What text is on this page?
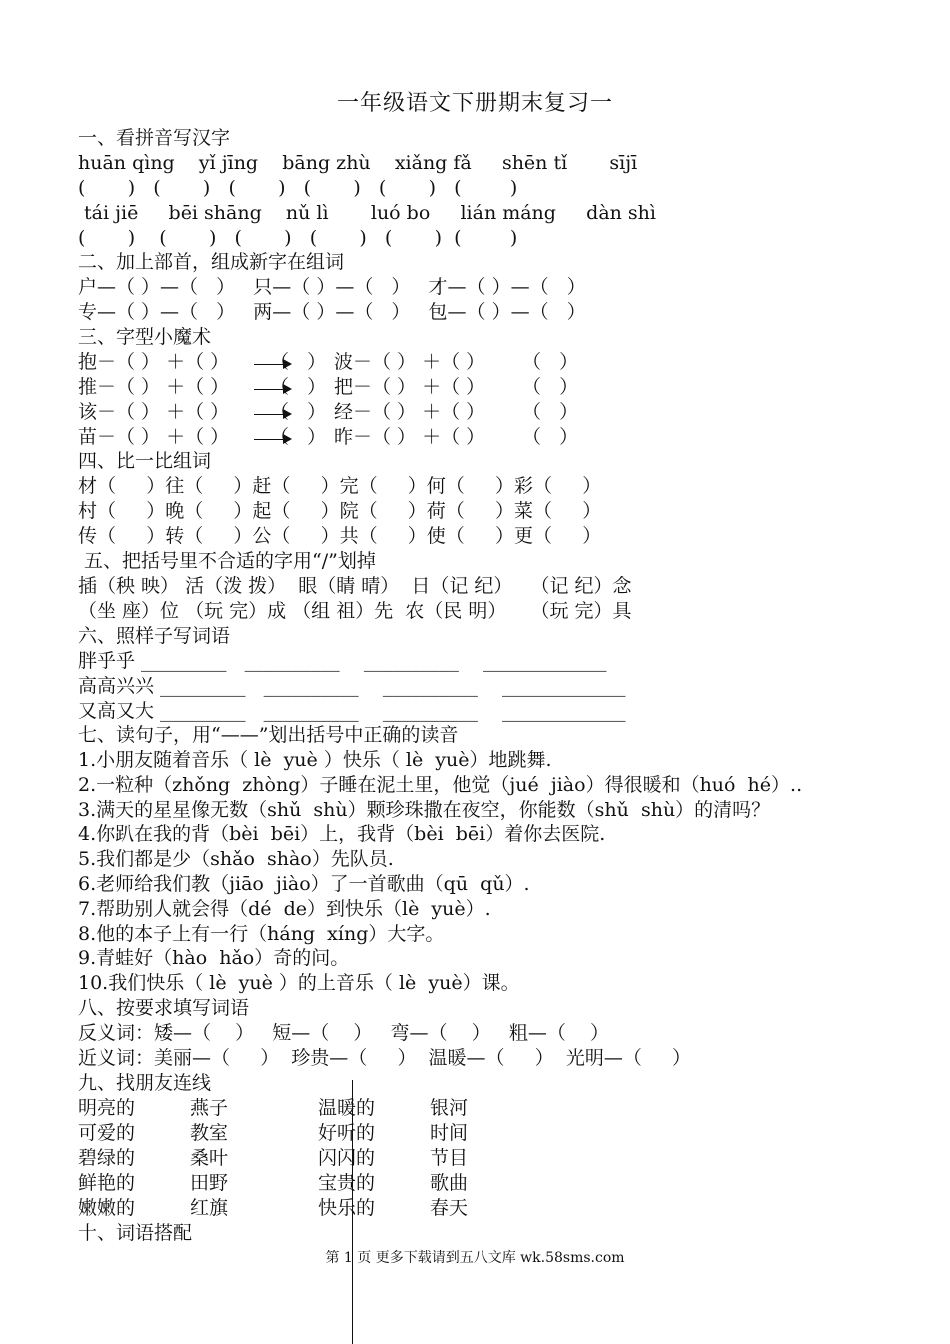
一年级语文下册期末复习一
一、看拼音写汉字
huān qìng    yǐ jīng    bāng zhù    xiǎng fǎ     shēn tǐ       sījī
(       )   (       )   (       )   (       )   (       )   (        )
tái jiē     bēi shāng    nǔ lì       luó bo     lián máng     dàn shì
(       )    (       )   (       )   (       )   (       )  (        )
二、加上部首，组成新字在组词
户—（ ）—（   ）   只—（ ）—（   ）   才—（ ）—（   ）
专—（ ）—（   ）   两—（ ）—（   ）   包—（ ）—（   ）
三、字型小魔术
抱－（ ） ＋（ ） （   ） 波－（ ） ＋（ ） （   ）
推－（ ） ＋（ ） （   ） 把－（ ） ＋（ ） （   ）
该－（ ） ＋（ ） （   ） 经－（ ） ＋（ ） （   ）
苗－（ ） ＋（ ） （   ） 昨－（ ） ＋（ ） （   ）
四、比一比组词
材（     ）往（     ）赶（     ）完（     ）何（     ）彩（     ）
村（     ）晚（     ）起（     ）院（     ）荷（     ）菜（     ）
传（     ）转（     ）公（     ）共（     ）使（     ）更（     ）
五、把括号里不合适的字用“/”划掉
插（秧 映） 活（泼 拨）  眼（睛 晴）  日（记 纪）   （记 纪）念
（坐 座）位 （玩 完）成 （组 祖）先  农（民 明）    （玩 完）具
六、照样子写词语
胖乎乎 _________   __________    __________    _____________
高高兴兴 _________   __________    __________    _____________
又高又大 _________   __________    __________    _____________
七、读句子，用“——”划出括号中正确的读音
1.小朋友随着音乐（ lè  yuè ）快乐（ lè  yuè）地跳舞.
2.一粒种（zhǒng  zhòng）子睡在泥土里，他觉（jué  jiào）得很暖和（huó  hé）..
3.满天的星星像无数（shǔ  shù）颗珍珠撒在夜空，你能数（shǔ  shù）的清吗？
4.你趴在我的背（bèi  bēi）上，我背（bèi  bēi）着你去医院.
5.我们都是少（shǎo  shào）先队员.
6.老师给我们教（jiāo  jiào）了一首歌曲（qū  qǔ）.
7.帮助别人就会得（dé  de）到快乐（lè  yuè）.
8.他的本子上有一行（háng  xíng）大字。
9.青蛙好（hào  hǎo）奇的问。
10.我们快乐（ lè  yuè ）的上音乐（ lè  yuè）课。
八、按要求填写词语
反义词：矮—（    ）   短—（    ）   弯—（    ）   粗—（    ）
近义词：美丽—（     ）  珍贵—（     ）  温暖—（     ）  光明—（     ）
九、找朋友连线
明亮的	燕子	温暖的	银河
可爱的	教室	好听的	时间
碧绿的	桑叶	闪闪的	节目
鲜艳的	田野	宝贵的	歌曲
嫩嫩的	红旗	快乐的	春天
十、词语搭配
第 1 页 更多下载请到五八文库 wk.58sms.com
